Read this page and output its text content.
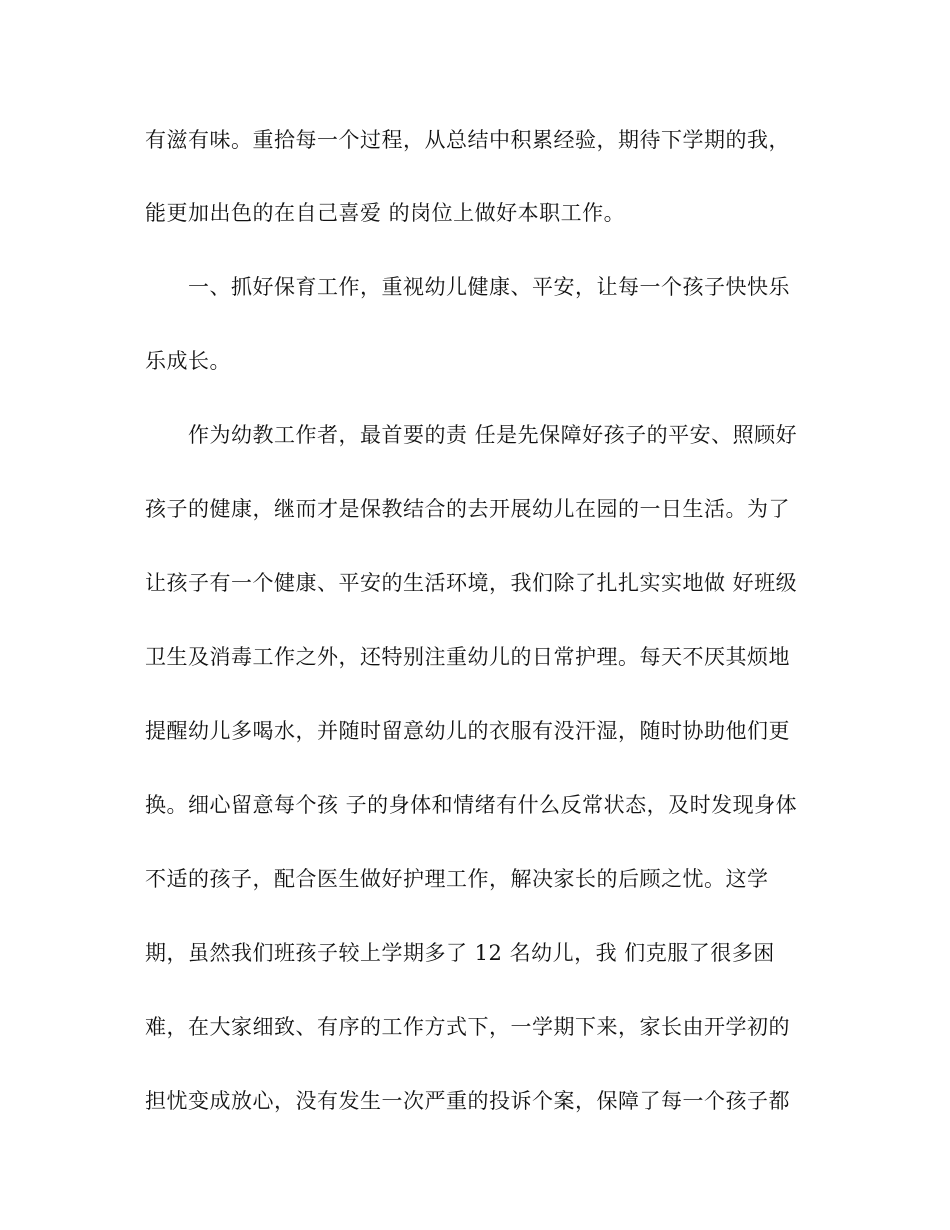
有滋有味。重拾每一个过程，从总结中积累经验，期待下学期的我，
能更加出色的在自己喜爱 的岗位上做好本职工作。
一、抓好保育工作，重视幼儿健康、平安，让每一个孩子快快乐
乐成长。
作为幼教工作者，最首要的责 任是先保障好孩子的平安、照顾好
孩子的健康，继而才是保教结合的去开展幼儿在园的一日生活。为了
让孩子有一个健康、平安的生活环境，我们除了扎扎实实地做 好班级
卫生及消毒工作之外，还特别注重幼儿的日常护理。每天不厌其烦地
提醒幼儿多喝水，并随时留意幼儿的衣服有没汗湿，随时协助他们更
换。细心留意每个孩 子的身体和情绪有什么反常状态，及时发现身体
不适的孩子，配合医生做好护理工作，解决家长的后顾之忧。这学
期，虽然我们班孩子较上学期多了 12 名幼儿，我 们克服了很多困
难，在大家细致、有序的工作方式下，一学期下来，家长由开学初的
担忧变成放心，没有发生一次严重的投诉个案，保障了每一个孩子都
